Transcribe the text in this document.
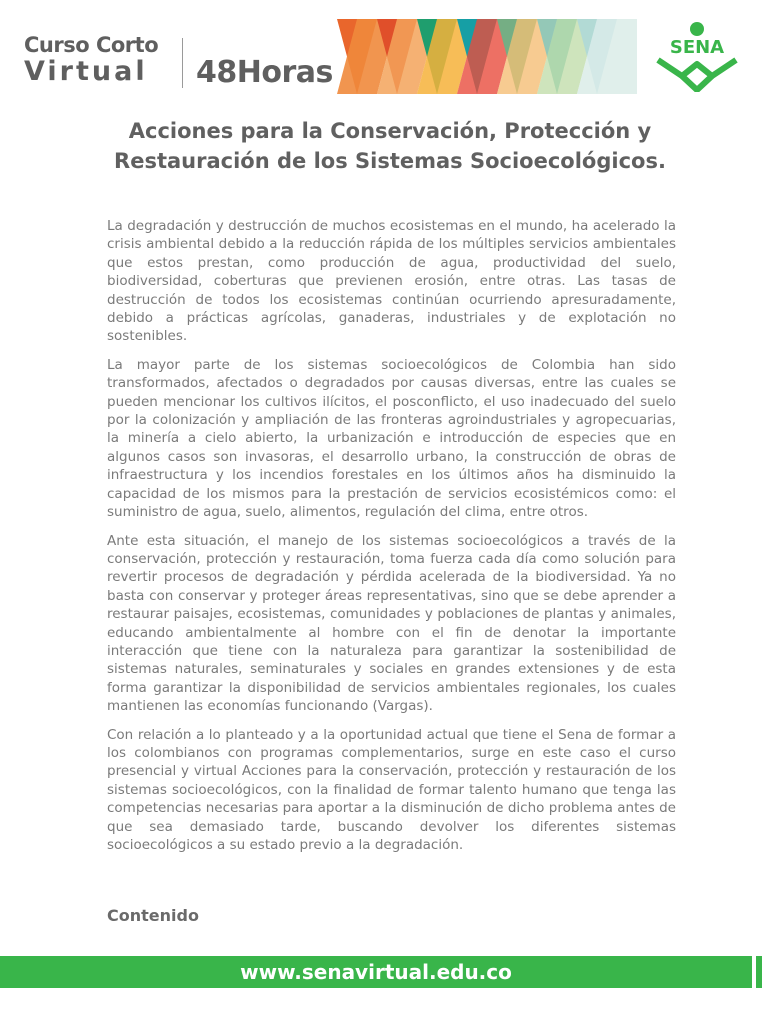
Curso Corto
Virtual	48Horas
SENA
Acciones para la Conservación, Protección y Restauración de los Sistemas Socioecológicos.

La degradación y destrucción de muchos ecosistemas en el mundo, ha acelerado la crisis ambiental debido a la reducción rápida de los múltiples servicios ambientales que estos prestan, como producción de agua, productividad del suelo, biodiversidad, coberturas que previenen erosión, entre otras. Las tasas de destrucción de todos los ecosistemas continúan ocurriendo apresuradamente, debido a prácticas agrícolas, ganaderas, industriales y de explotación no sostenibles.

La mayor parte de los sistemas socioecológicos de Colombia han sido transformados, afectados o degradados por causas diversas, entre las cuales se pueden mencionar los cultivos ilícitos, el posconflicto, el uso inadecuado del suelo por la colonización y ampliación de las fronteras agroindustriales y agropecuarias, la minería a cielo abierto, la urbanización e introducción de especies que en algunos casos son invasoras, el desarrollo urbano, la construcción de obras de infraestructura y los incendios forestales en los últimos años ha disminuido la capacidad de los mismos para la prestación de servicios ecosistémicos como: el suministro de agua, suelo, alimentos, regulación del clima, entre otros.

Ante esta situación, el manejo de los sistemas socioecológicos a través de la conservación, protección y restauración, toma fuerza cada día como solución para revertir procesos de degradación y pérdida acelerada de la biodiversidad. Ya no basta con conservar y proteger áreas representativas, sino que se debe aprender a restaurar paisajes, ecosistemas, comunidades y poblaciones de plantas y animales, educando ambientalmente al hombre con el fin de denotar la importante interacción que tiene con la naturaleza para garantizar la sostenibilidad de sistemas naturales, seminaturales y sociales en grandes extensiones y de esta forma garantizar la disponibilidad de servicios ambientales regionales, los cuales mantienen las economías funcionando (Vargas).

Con relación a lo planteado y a la oportunidad actual que tiene el Sena de formar a los colombianos con programas complementarios, surge en este caso el curso presencial y virtual Acciones para la conservación, protección y restauración de los sistemas socioecológicos, con la finalidad de formar talento humano que tenga las competencias necesarias para aportar a la disminución de dicho problema antes de que sea demasiado tarde, buscando devolver los diferentes sistemas socioecológicos a su estado previo a la degradación.

Contenido
www.senavirtual.edu.co
